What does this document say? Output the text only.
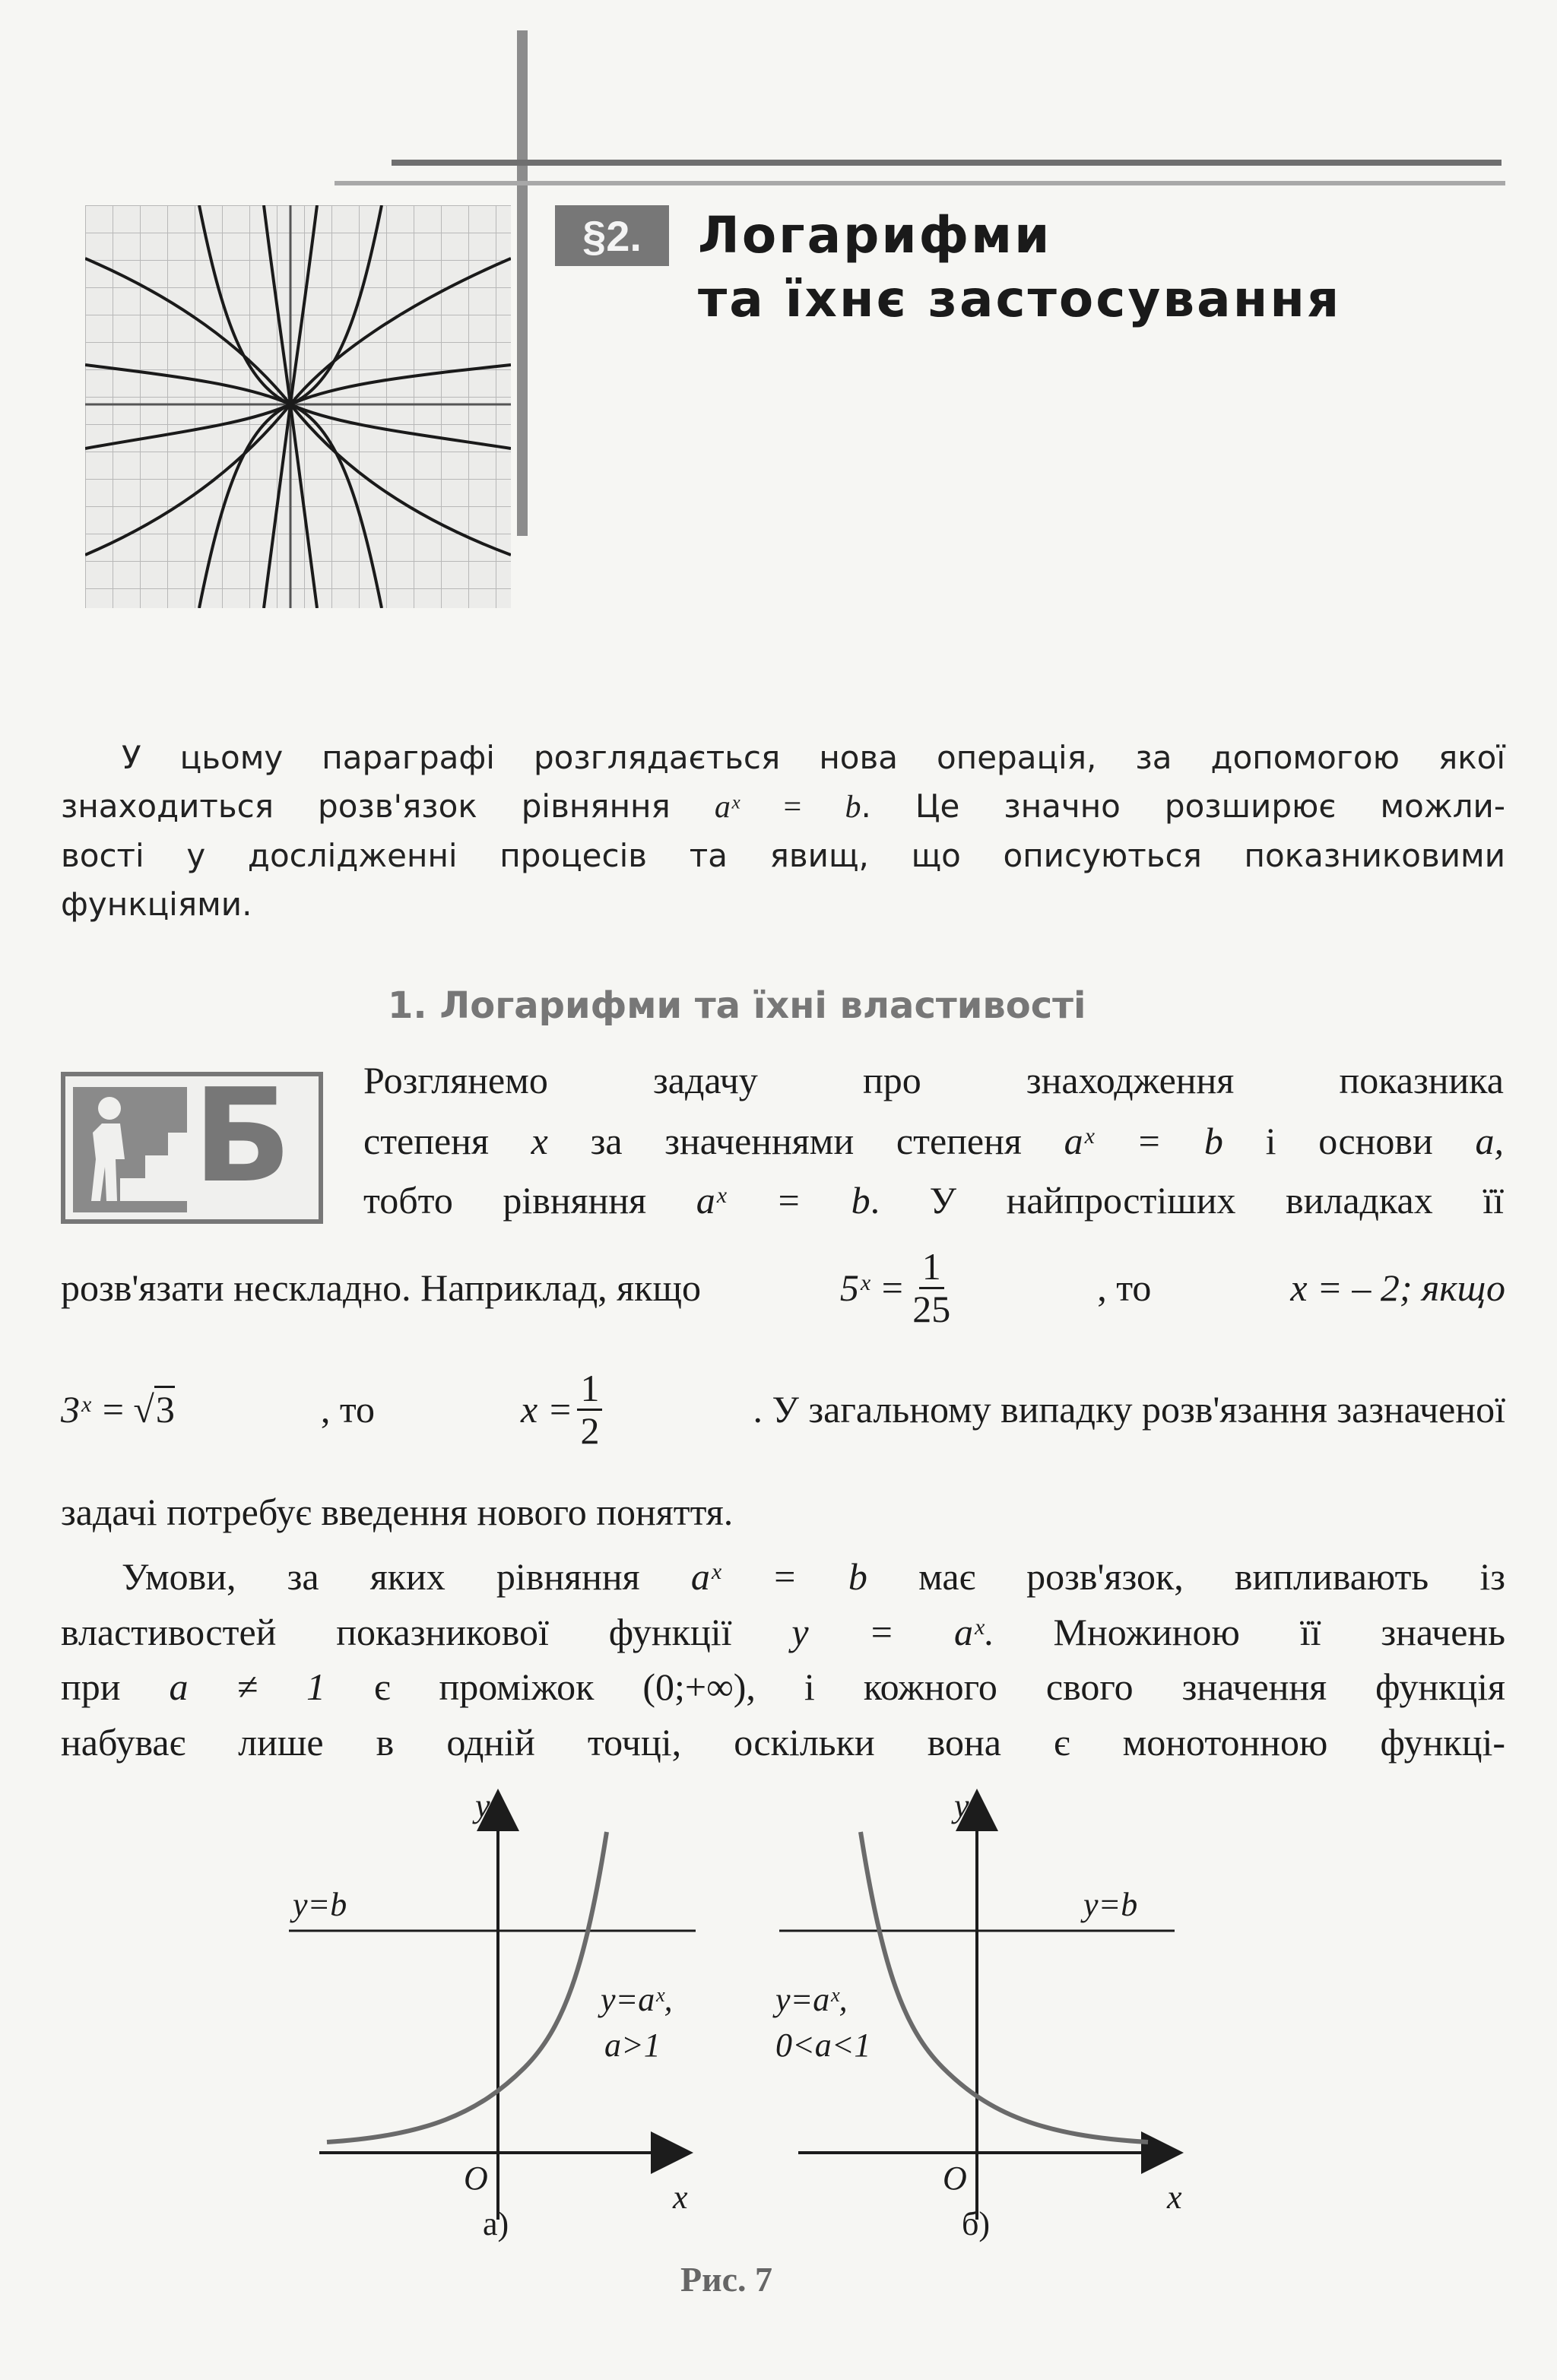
§2.	Логарифми
та їхнє застосування
У цьому параграфі розглядається нова операція, за допомогою якої
знаходиться розв'язок рівняння aˣ = b. Це значно розширює можли-
вості у дослідженні процесів та явищ, що описуються показниковими
функціями.
1. Логарифми та їхні властивості
Б Розглянемо задачу про знаходження показника
степеня x за значеннями степеня aˣ = b і основи a,
тобто рівняння aˣ = b. У найпростіших виладках її
розв'язати нескладно. Наприклад, якщо	5ˣ = $\frac{1}{25}$	, то	x = – 2; якщо
3ˣ = √3	, то	$x = \frac{1}{2}$	. У загальному випадку розв'язання зазначеної
задачі потребує введення нового поняття.
Умови, за яких рівняння aˣ = b має розв'язок, випливають із
властивостей показникової функції y = aˣ. Множиною її значень
при a ≠ 1 є проміжок (0;+∞), і кожного свого значення функція
набуває лише в одній точці, оскільки вона є монотонною функці-
y
x
O
y=b
y=aˣ,
a>1
а)
y
x
O
y=b
y=aˣ,
0<a<1
б)
Рис. 7
